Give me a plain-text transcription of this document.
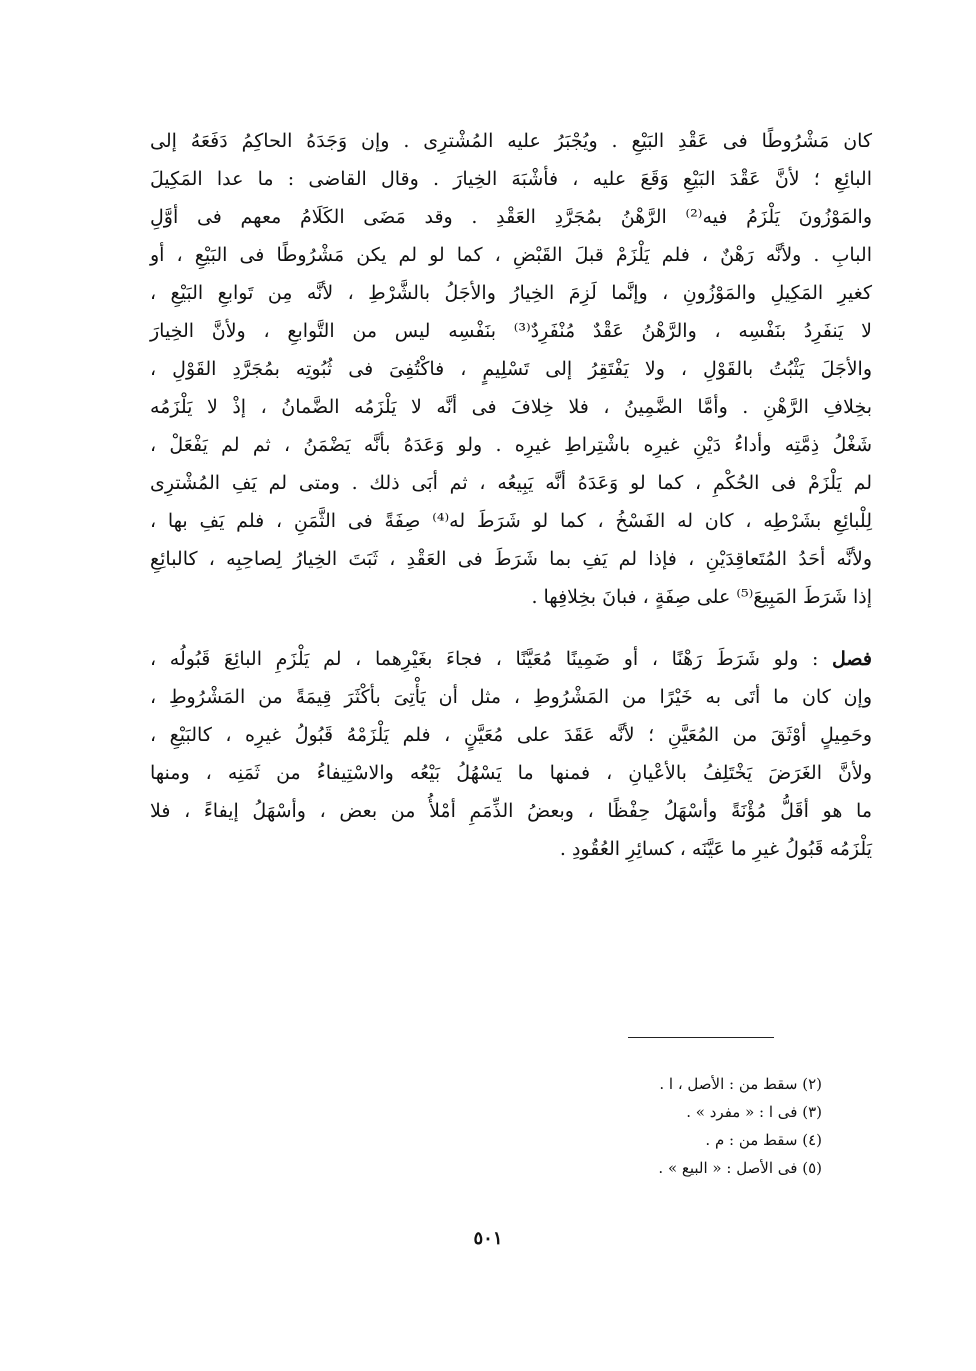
كان مَشْرُوطًا فى عَقْدِ البَيْعِ . ويُجْبَرُ عليه المُشْترِى . وإن وَجَدَهُ الحاكِمُ دَفَعَهُ إلى
البائِعِ ؛ لأنَّ عَقْدَ البَيْعِ وَقَعَ عليه ، فأشْبَهَ الخِيارَ . وقال القاضى : ما عدا المَكِيلَ
والمَوْزُونَ يَلْزَمُ فيه⁽²⁾ الرَّهْنُ بمُجَرَّدِ العَقْدِ . وقد مَضَى الكَلَامُ معهم فى أوَّلِ
البابِ . ولأنَّه رَهْنٌ ، فلم يَلْزَمْ قبلَ القَبْضِ ، كما لو لم يكن مَشْرُوطًا فى البَيْعِ ، أو
كغيرِ المَكِيلِ والمَوْزُونِ ، وإنَّما لَزِمَ الخِيارُ والأجَلُ بالشَّرْطِ ، لأنَّه مِن تَوابعِ البَيْعِ ،
لا يَنفَرِدُ بنَفْسِه ، والرَّهْنُ عَقْدٌ مُنْفَرِدٌ⁽³⁾ بنَفْسِه ليس من التَّوابعِ ، ولأنَّ الخِيارَ
والأجَلَ يَثْبُتُ بالقَوْلِ ، ولا يَفْتَقِرُ إلى تَسْلِيمٍ ، فاكْتُفِىَ فى ثُبُوتِه بمُجَرَّدِ القَوْلِ ،
بخِلافِ الرَّهْنِ . وأمَّا الضَّمِينُ ، فلا خِلافَ فى أنَّه لا يَلْزَمُه الضَّمانُ ، إذْ لا يَلْزَمُه
شَغْلُ ذِمَّتِه وأداءُ دَيْنِ غيرِه باشْتِراطِ غيرِه . ولو وَعَدَهُ بأنَّه يَضْمَنُ ، ثم لم يَفْعَلْ ،
لم يَلْزَمْ فى الحُكْمِ ، كما لو وَعَدَهُ أنَّه يَبِيعُه ، ثم أبَى ذلك . ومتى لم يَفِ المُشْترِى
لِلْبائِعِ بشَرْطِه ، كان له الفَسْخُ ، كما لو شَرَطَ له⁽⁴⁾ صِفَةً فى الثَّمَنِ ، فلم يَفِ بها ،
ولأنَّه أحَدُ المُتَعاقِدَيْنِ ، فإذا لم يَفِ بما شَرَطَ فى العَقْدِ ، ثَبَتَ الخِيارُ لِصاحِبِه ، كالبائِعِ
إذا شَرَطَ المَبِيعَ⁽⁵⁾ على صِفَةٍ ، فبانَ بخِلافِها .
فصل : ولو شَرَطَ رَهْنًا ، أو ضَمِينًا مُعَيَّنًا ، فجاءَ بغَيْرِهما ، لم يَلْزَمِ البائِعَ قَبُولُه ،
وإن كان ما أتَى به خَيْرًا من المَشْرُوطِ ، مثل أن يَأْتِىَ بأكْثَرَ قِيمَةً من المَشْرُوطِ ،
وحَمِيلٍ أوْثَقَ من المُعَيَّنِ ؛ لأنَّه عَقَدَ على مُعَيَّنٍ ، فلم يَلْزَمْهُ قَبُولُ غيرِه ، كالبَيْعِ ،
ولأنَّ الغَرَضَ يَخْتَلِفُ بالأعْيانِ ، فمنها ما يَسْهُلُ بَيْعُه والاسْتِيفاءُ من ثَمَنِه ، ومنها
ما هو أقَلُّ مُؤْنَةً وأسْهَلُ حِفْظًا ، وبعضُ الذِّمَمِ أمْلأُ من بعض ، وأسْهَلُ إيفاءً ، فلا
يَلْزَمُه قَبُولُ غيرِ ما عَيَّنَه ، كسائِرِ العُقُودِ .
(٢) سقط من : الأصل ، ا .
(٣) فى ا : « مفرد » .
(٤) سقط من : م .
(٥) فى الأصل : « البيع » .
٥٠١
